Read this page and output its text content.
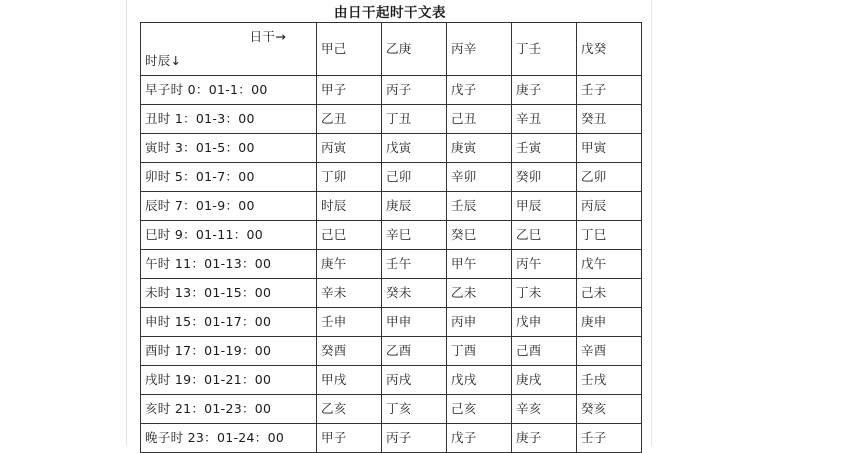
由日干起时干文表
日干→
时辰↓	甲己	乙庚	丙辛	丁壬	戊癸
早子时 0：01-1：00	甲子	丙子	戊子	庚子	壬子
丑时 1：01-3：00	乙丑	丁丑	己丑	辛丑	癸丑
寅时 3：01-5：00	丙寅	戊寅	庚寅	壬寅	甲寅
卯时 5：01-7：00	丁卯	己卯	辛卯	癸卯	乙卯
辰时 7：01-9：00	时辰	庚辰	壬辰	甲辰	丙辰
巳时 9：01-11：00	己巳	辛巳	癸巳	乙巳	丁巳
午时 11：01-13：00	庚午	壬午	甲午	丙午	戊午
未时 13：01-15：00	辛未	癸未	乙未	丁未	己未
申时 15：01-17：00	壬申	甲申	丙申	戊申	庚申
酉时 17：01-19：00	癸酉	乙酉	丁酉	己酉	辛酉
戌时 19：01-21：00	甲戌	丙戌	戊戌	庚戌	壬戌
亥时 21：01-23：00	乙亥	丁亥	己亥	辛亥	癸亥
晚子时 23：01-24：00	甲子	丙子	戊子	庚子	壬子
